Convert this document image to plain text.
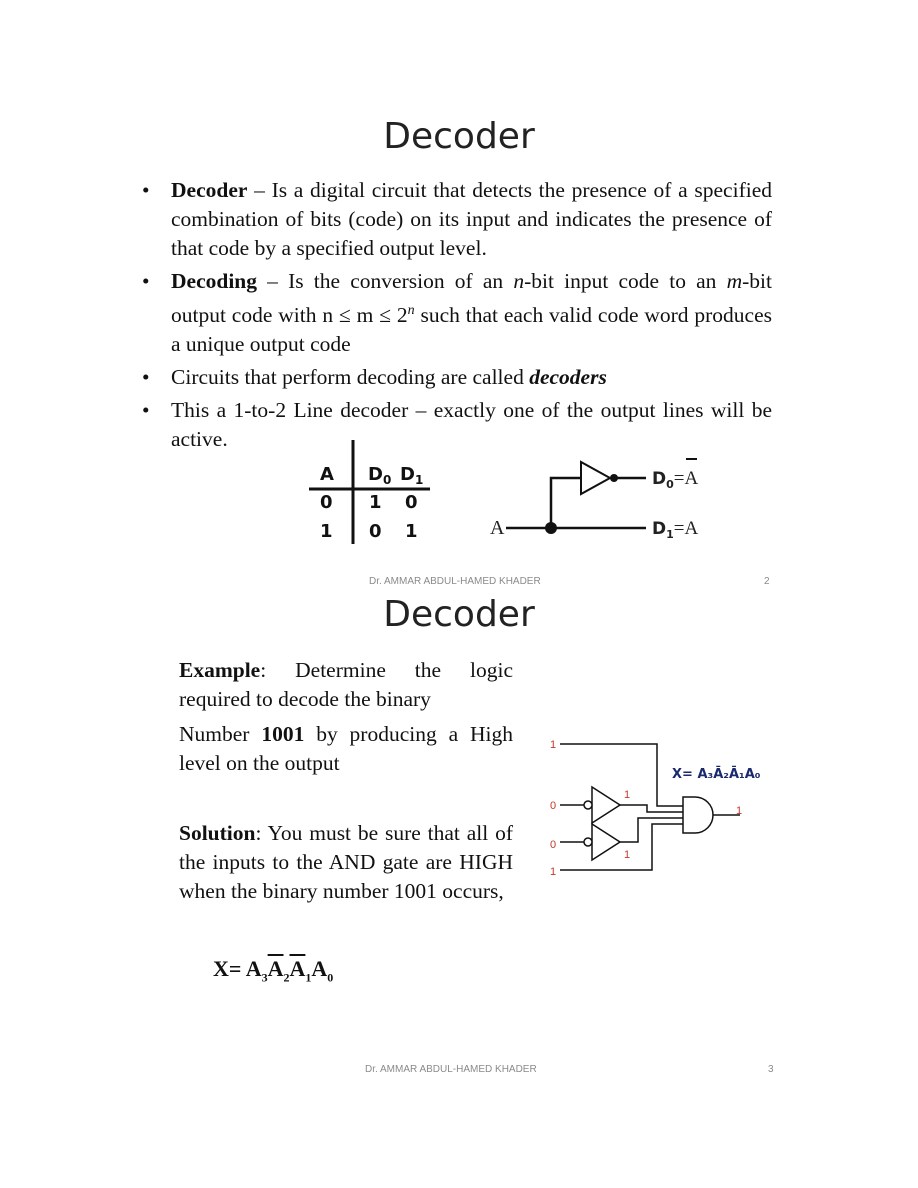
Decoder
• Decoder – Is a digital circuit that detects the presence of a specified combination of bits (code) on its input and indicates the presence of that code by a specified output level.
• Decoding – Is the conversion of an n-bit input code to an m-bit output code with $n \le m \le 2^n$ such that each valid code word produces a unique output code
• Circuits that perform decoding are called decoders
• This a 1-to-2 Line decoder – exactly one of the output lines will be active.
A $D_0$ $D_1$
0 1 0
1 0 1	A
$D_0=A$
$D_1=A$
Dr. AMMAR ABDUL-HAMED KHADER	2
Decoder
Example: Determine the logic required to decode the binary
Number 1001 by producing a High level on the output
Solution: You must be sure that all of the inputs to the AND gate are HIGH when the binary number 1001 occurs,
$X= A_3\overline{A}_2\overline{A}_1A_0$
1
0
1
0
1
1
1
X= A₃Ā₂Ā₁A₀
Dr. AMMAR ABDUL-HAMED KHADER	3
